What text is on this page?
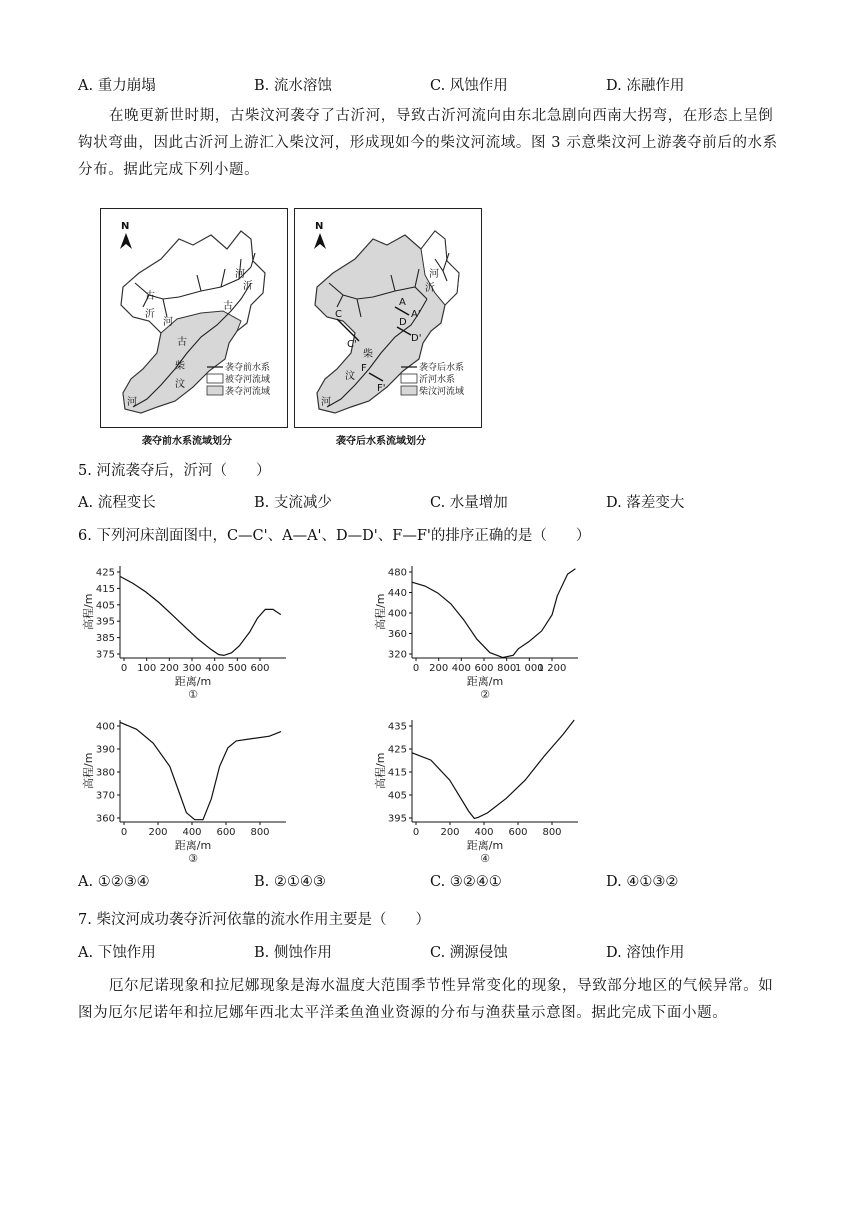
A. 重力崩塌	B. 流水溶蚀	C. 风蚀作用	D. 冻融作用
在晚更新世时期，古柴汶河袭夺了古沂河，导致古沂河流向由东北急剧向西南大拐弯，在形态上呈倒钩状弯曲，因此古沂河上游汇入柴汶河，形成现如今的柴汶河流域。图 3 示意柴汶河上游袭夺前后的水系分布。据此完成下列小题。
N
古
沂
河
河
沂
古
古
柴
汶
河
袭夺前水系
被夺河流域
袭夺河流域
袭夺前水系流域划分
N
河
沂
A
A'
D
D'
C
C'
柴
F
汶
F'
河
袭夺后水系
沂河水系
柴汶河流域
袭夺后水系流域划分
5. 河流袭夺后，沂河（　　）
A. 流程变长	B. 支流减少	C. 水量增加	D. 落差变大
6. 下列河床剖面图中，C—C'、A—A'、D—D'、F—F'的排序正确的是（　　）
425
415
405
395
385
375
0 100 200 300 400 500 600
高程/m
距离/m
①
480
440
400
360
320
0 200 400 600 800
1 000
1 200
高程/m
距离/m
②
400
390
380
370
360
0 200 400 600 800
高程/m
距离/m
③
435
425
415
405
395
0 200 400 600 800
高程/m
距离/m
④
A. ①②③④	B. ②①④③	C. ③②④①	D. ④①③②
7. 柴汶河成功袭夺沂河依靠的流水作用主要是（　　）
A. 下蚀作用	B. 侧蚀作用	C. 溯源侵蚀	D. 溶蚀作用
厄尔尼诺现象和拉尼娜现象是海水温度大范围季节性异常变化的现象，导致部分地区的气候异常。如图为厄尔尼诺年和拉尼娜年西北太平洋柔鱼渔业资源的分布与渔获量示意图。据此完成下面小题。
